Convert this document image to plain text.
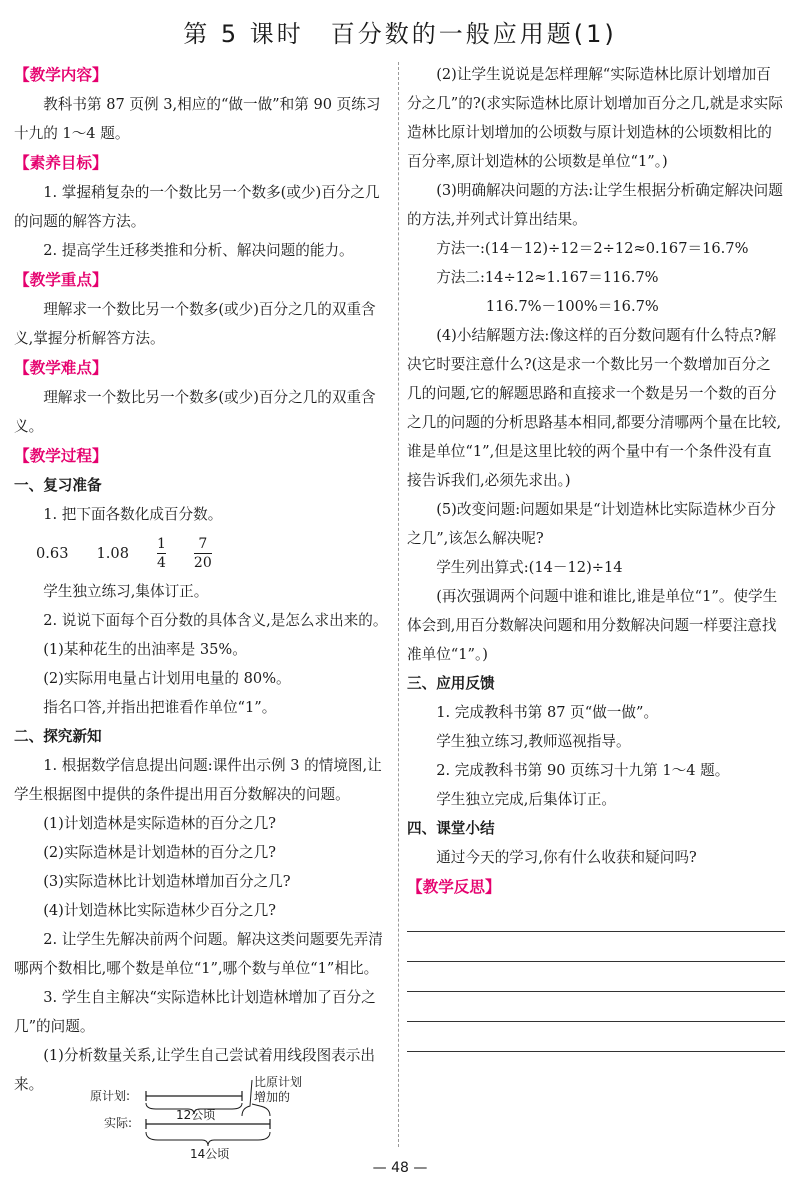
第 5 课时　百分数的一般应用题(1)
【教学内容】

教科书第 87 页例 3,相应的“做一做”和第 90 页练习十九的 1～4 题。

【素养目标】

1. 掌握稍复杂的一个数比另一个数多(或少)百分之几的问题的解答方法。

2. 提高学生迁移类推和分析、解决问题的能力。

【教学重点】

理解求一个数比另一个数多(或少)百分之几的双重含义,掌握分析解答方法。

【教学难点】

理解求一个数比另一个数多(或少)百分之几的双重含义。

【教学过程】
一、复习准备

1. 把下面各数化成百分数。

0.63 $1.08 \frac{1}{4} \frac{7}{20}$

学生独立练习,集体订正。

2. 说说下面每个百分数的具体含义,是怎么求出来的。

(1)某种花生的出油率是 35%。

(2)实际用电量占计划用电量的 80%。

指名口答,并指出把谁看作单位“1”。

二、探究新知

1. 根据数学信息提出问题:课件出示例 3 的情境图,让学生根据图中提供的条件提出用百分数解决的问题。

(1)计划造林是实际造林的百分之几?

(2)实际造林是计划造林的百分之几?

(3)实际造林比计划造林增加百分之几?

(4)计划造林比实际造林少百分之几?

2. 让学生先解决前两个问题。解决这类问题要先弄清哪两个数相比,哪个数是单位“1”,哪个数与单位“1”相比。

3. 学生自主解决“实际造林比计划造林增加了百分之几”的问题。

(1)分析数量关系,让学生自己尝试着用线段图表示出来。

原计划:
实际:
12公顷
比原计划
增加的
14公顷

(2)让学生说说是怎样理解“实际造林比原计划增加百分之几”的?(求实际造林比原计划增加百分之几,就是求实际造林比原计划增加的公顷数与原计划造林的公顷数相比的百分率,原计划造林的公顷数是单位“1”。)

(3)明确解决问题的方法:让学生根据分析确定解决问题的方法,并列式计算出结果。

方法一:(14－12)÷12＝2÷12≈0.167＝16.7%

方法二:14÷12≈1.167＝116.7%

116.7%－100%＝16.7%

(4)小结解题方法:像这样的百分数问题有什么特点?解决它时要注意什么?(这是求一个数比另一个数增加百分之几的问题,它的解题思路和直接求一个数是另一个数的百分之几的问题的分析思路基本相同,都要分清哪两个量在比较,谁是单位“1”,但是这里比较的两个量中有一个条件没有直接告诉我们,必须先求出。)

(5)改变问题:问题如果是“计划造林比实际造林少百分之几”,该怎么解决呢?

学生列出算式:(14－12)÷14

(再次强调两个问题中谁和谁比,谁是单位“1”。使学生体会到,用百分数解决问题和用分数解决问题一样要注意找准单位“1”。)

三、应用反馈

1. 完成教科书第 87 页“做一做”。

学生独立练习,教师巡视指导。

2. 完成教科书第 90 页练习十九第 1～4 题。

学生独立完成,后集体订正。

四、课堂小结

通过今天的学习,你有什么收获和疑问吗?

【教学反思】
— 48 —
